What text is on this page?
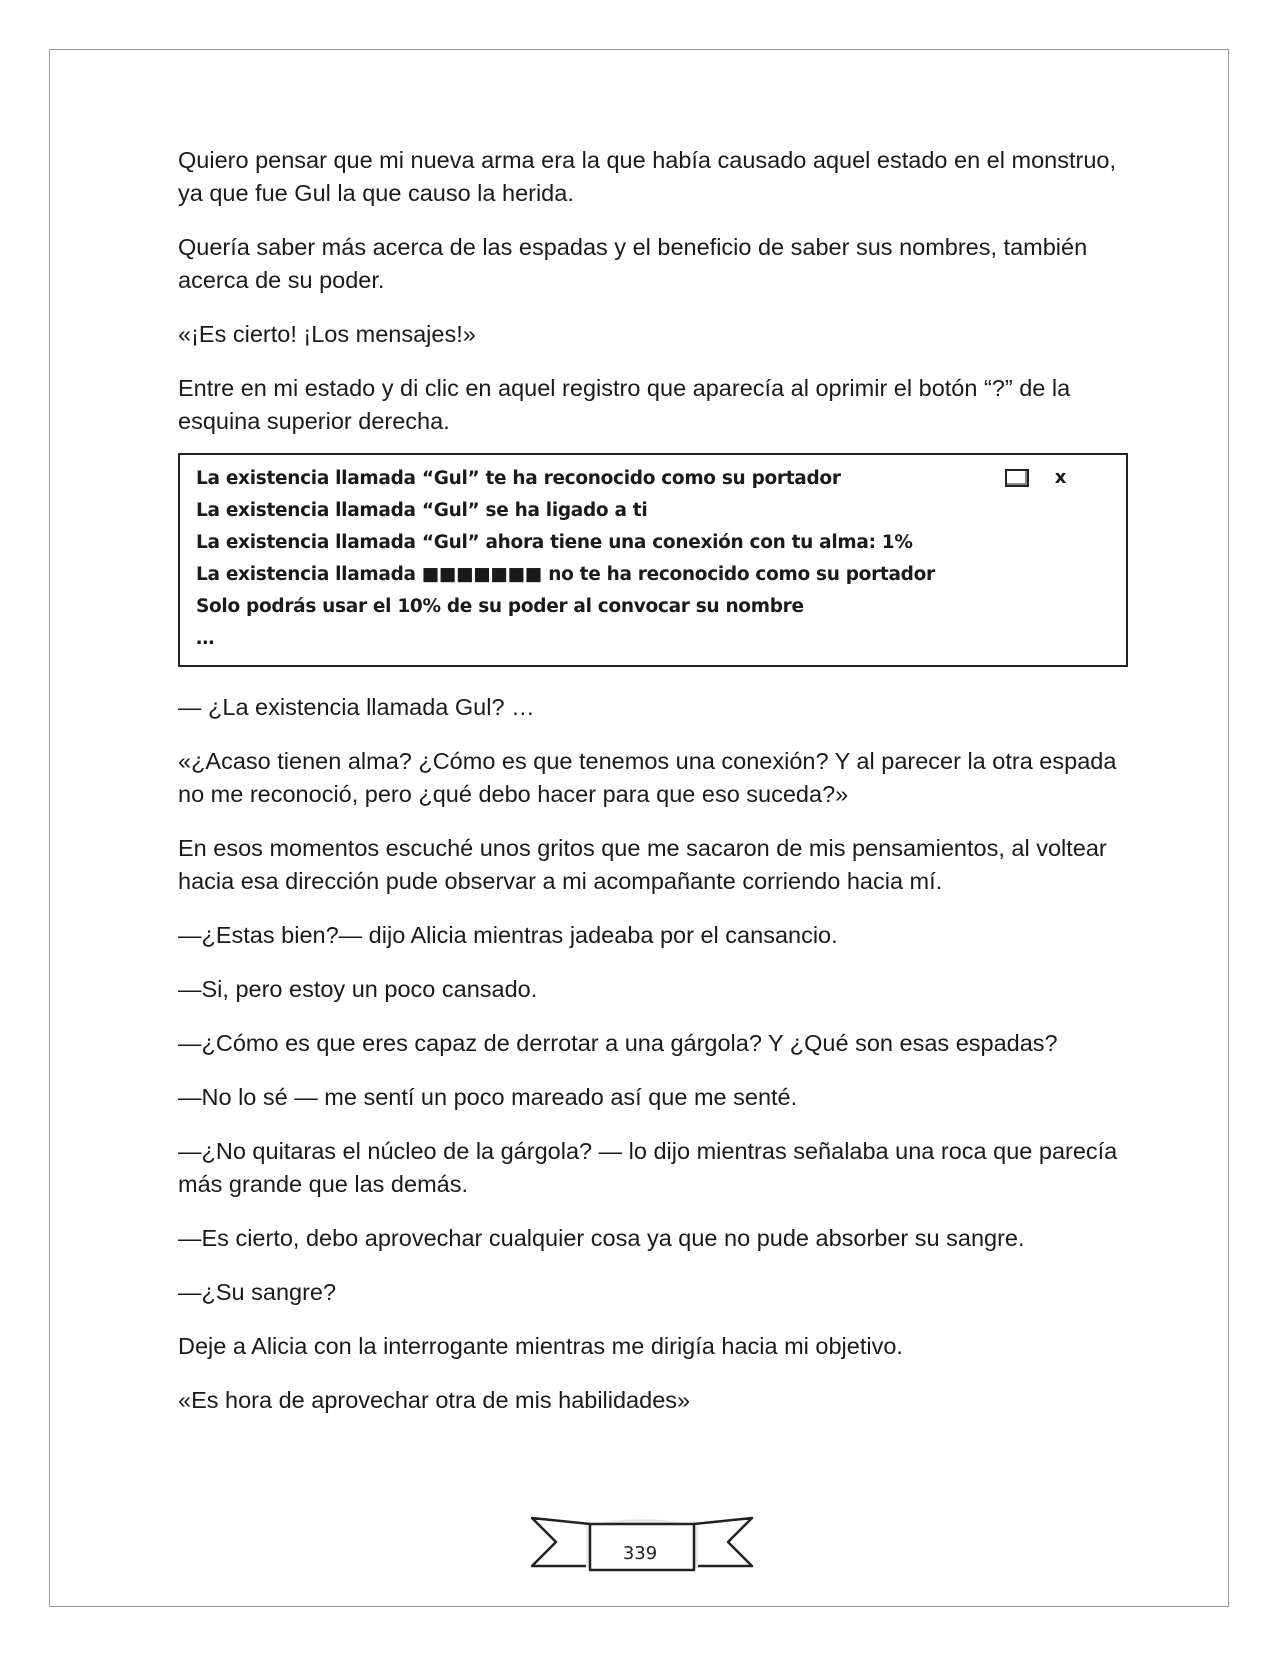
Quiero pensar que mi nueva arma era la que había causado aquel estado en el monstruo, ya que fue Gul la que causo la herida.

Quería saber más acerca de las espadas y el beneficio de saber sus nombres, también acerca de su poder.

«¡Es cierto! ¡Los mensajes!»

Entre en mi estado y di clic en aquel registro que aparecía al oprimir el botón “?” de la esquina superior derecha.

x
La existencia llamada “Gul” te ha reconocido como su portador
La existencia llamada “Gul” se ha ligado a ti
La existencia llamada “Gul” ahora tiene una conexión con tu alma: 1%
La existencia llamada ■■■■■■■ no te ha reconocido como su portador
Solo podrás usar el 10% de su poder al convocar su nombre
…

— ¿La existencia llamada Gul? …

«¿Acaso tienen alma? ¿Cómo es que tenemos una conexión? Y al parecer la otra espada no me reconoció, pero ¿qué debo hacer para que eso suceda?»

En esos momentos escuché unos gritos que me sacaron de mis pensamientos, al voltear hacia esa dirección pude observar a mi acompañante corriendo hacia mí.

—¿Estas bien?— dijo Alicia mientras jadeaba por el cansancio.

—Si, pero estoy un poco cansado.

—¿Cómo es que eres capaz de derrotar a una gárgola? Y ¿Qué son esas espadas?

—No lo sé — me sentí un poco mareado así que me senté.

—¿No quitaras el núcleo de la gárgola? — lo dijo mientras señalaba una roca que parecía más grande que las demás.

—Es cierto, debo aprovechar cualquier cosa ya que no pude absorber su sangre.

—¿Su sangre?

Deje a Alicia con la interrogante mientras me dirigía hacia mi objetivo.

«Es hora de aprovechar otra de mis habilidades»

339
